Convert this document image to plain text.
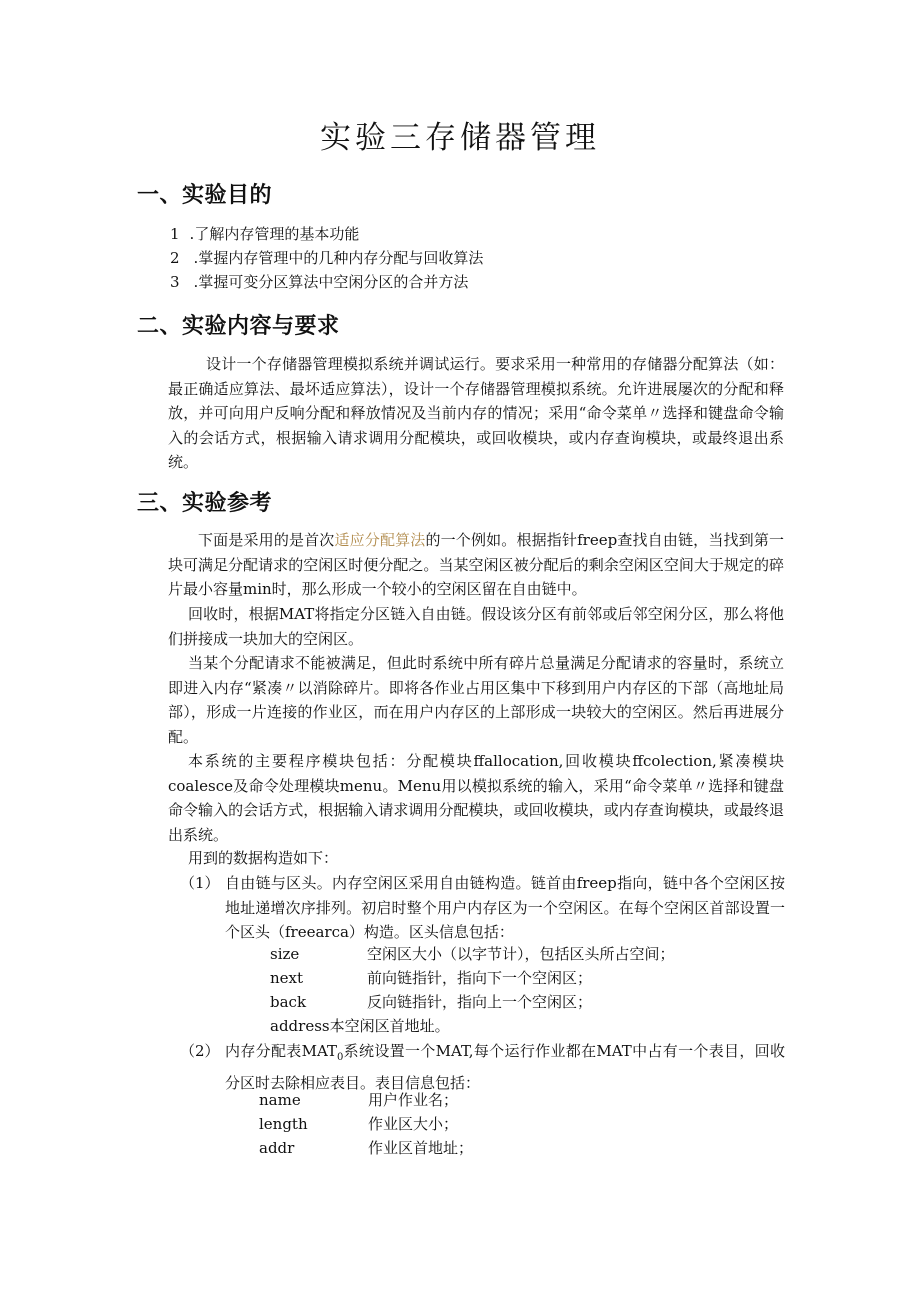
实验三存储器管理
一、实验目的
1 .了解内存管理的基本功能
2 .掌握内存管理中的几种内存分配与回收算法
3 .掌握可变分区算法中空闲分区的合并方法
二、实验内容与要求

设计一个存储器管理模拟系统并调试运行。要求采用一种常用的存储器分配算法（如：最正确适应算法、最坏适应算法），设计一个存储器管理模拟系统。允许进展屡次的分配和释放，并可向用户反响分配和释放情况及当前内存的情况；采用“命令菜单〃选择和键盘命令输入的会话方式，根据输入请求调用分配模块，或回收模块，或内存查询模块，或最终退出系统。

三、实验参考

下面是采用的是首次适应分配算法的一个例如。根据指针freep查找自由链，当找到第一块可满足分配请求的空闲区时便分配之。当某空闲区被分配后的剩余空闲区空间大于规定的碎片最小容量min时，那么形成一个较小的空闲区留在自由链中。

回收时，根据MAT将指定分区链入自由链。假设该分区有前邻或后邻空闲分区，那么将他们拼接成一块加大的空闲区。

当某个分配请求不能被满足，但此时系统中所有碎片总量满足分配请求的容量时，系统立即进入内存“紧凑〃以消除碎片。即将各作业占用区集中下移到用户内存区的下部（高地址局部），形成一片连接的作业区，而在用户内存区的上部形成一块较大的空闲区。然后再进展分配。

本系统的主要程序模块包括：分配模块ffallocation,回收模块ffcolection,紧凑模块coalesce及命令处理模块menu。Menu用以模拟系统的输入，采用“命令菜单〃选择和键盘命令输入的会话方式，根据输入请求调用分配模块，或回收模块，或内存查询模块，或最终退出系统。

用到的数据构造如下：
（1） 自由链与区头。内存空闲区采用自由链构造。链首由freep指向，链中各个空闲区按地址递增次序排列。初启时整个用户内存区为一个空闲区。在每个空闲区首部设置一个区头（freearca）构造。区头信息包括：

size	空闲区大小（以字节计），包括区头所占空间；
next	前向链指针，指向下一个空闲区；
back	反向链指针，指向上一个空闲区；
address本空闲区首地址。
（2） 内存分配表$MAT_0$系统设置一个MAT,每个运行作业都在MAT中占有一个表目，回收分区时去除相应表目。表目信息包括：

name	用户作业名；
length	作业区大小；
addr	作业区首地址；
